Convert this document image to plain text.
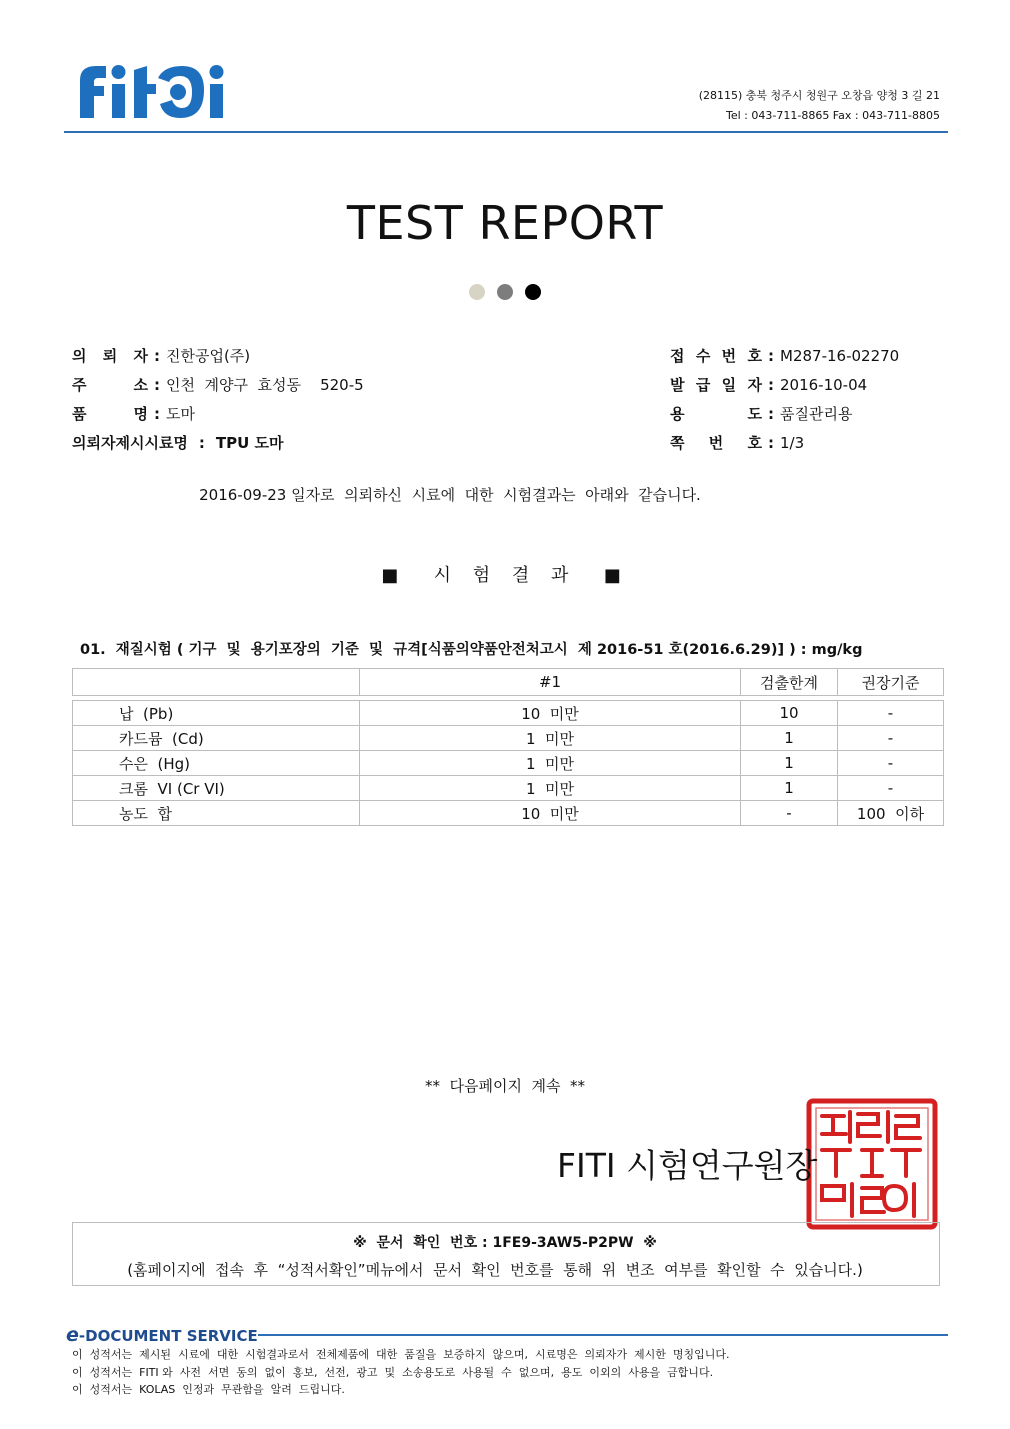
(28115) 충북 청주시 청원구 오창읍 양청 3 길 21
Tel : 043-711-8865 Fax : 043-711-8805
TEST REPORT
의 뢰 자 : 진한공업(주)
주 소 : 인천  계양구  효성동    520-5
품 명 : 도마
의뢰자제시시료명 : TPU 도마
접 수 번 호 : M287-16-02270
발 급 일 자 : 2016-10-04
용 도 : 품질관리용
쪽 번 호 : 1/3
2016-09-23 일자로  의뢰하신  시료에  대한  시험결과는  아래와  같습니다.
■  시 험 결 과  ■
01.  재질시험 ( 기구  및  용기포장의  기준  및  규격[식품의약품안전처고시  제 2016-51 호(2016.6.29)] ) : mg/kg
	#1	검출한계	권장기준

납  (Pb)	10  미만	10	-
카드뮴  (Cd)	1  미만	1	-
수은  (Hg)	1  미만	1	-
크롬  VI (Cr VI)	1  미만	1	-
농도  합	10  미만	-	100  이하
**  다음페이지  계속  **
FITI 시험연구원장
※  문서  확인  번호 : 1FE9-3AW5-P2PW  ※
(홈페이지에  접속  후  “성적서확인”메뉴에서  문서  확인  번호를  통해  위  변조  여부를  확인할  수  있습니다.)
e-DOCUMENT SERVICE
이  성적서는  제시된  시료에  대한  시험결과로서  전체제품에  대한  품질을  보증하지  않으며,  시료명은  의뢰자가  제시한  명칭입니다.
이  성적서는  FITI 와  사전  서면  동의  없이  홍보,  선전,  광고  및  소송용도로  사용될  수  없으며,  용도  이외의  사용을  금합니다.
이  성적서는  KOLAS  인정과  무관함을  알려  드립니다.
